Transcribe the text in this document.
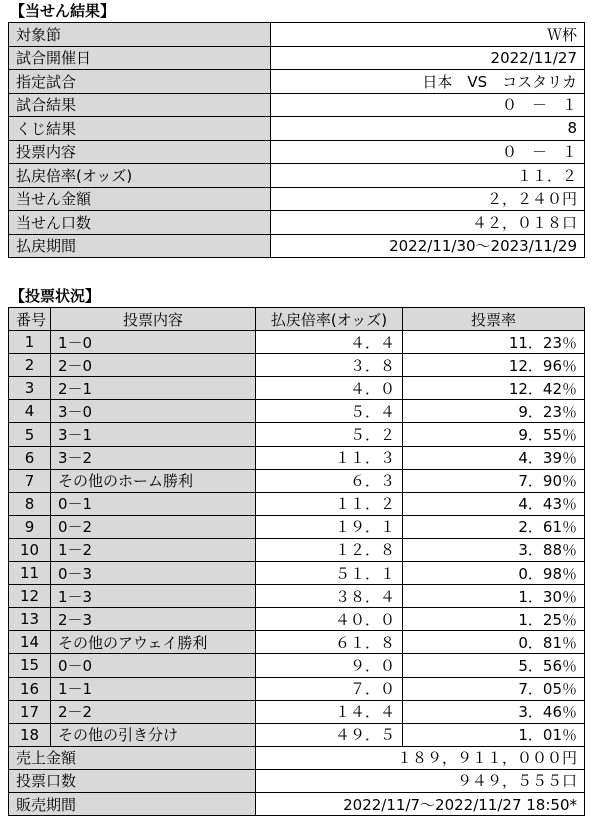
【当せん結果】
対象節	Ｗ杯
試合開催日	2022/11/27
指定試合	日本　VS　コスタリカ
試合結果	０　－　１
くじ結果	8
投票内容	０　－　１
払戻倍率(オッズ)	１１．２
当せん金額	２，２４０円
当せん口数	４２，０１８口
払戻期間	2022/11/30～2023/11/29
【投票状況】
番号	投票内容	払戻倍率(オッズ)	投票率
1	1－0	４．４	11．23％
2	2－0	３．８	12．96％
3	2－1	４．０	12．42％
4	3－0	５．４	9．23％
5	3－1	５．２	9．55％
6	3－2	１１．３	4．39％
7	その他のホーム勝利	６．３	7．90％
8	0－1	１１．２	4．43％
9	0－2	１９．１	2．61％
10	1－2	１２．８	3．88％
11	0－3	５１．１	0．98％
12	1－3	３８．４	1．30％
13	2－3	４０．０	1．25％
14	その他のアウェイ勝利	６１．８	0．81％
15	0－0	９．０	5．56％
16	1－1	７．０	7．05％
17	2－2	１４．４	3．46％
18	その他の引き分け	４９．５	1．01％
売上金額		１８９，９１１，０００円	
投票口数		９４９，５５５口	
販売期間		2022/11/7～2022/11/27 18:50*	
